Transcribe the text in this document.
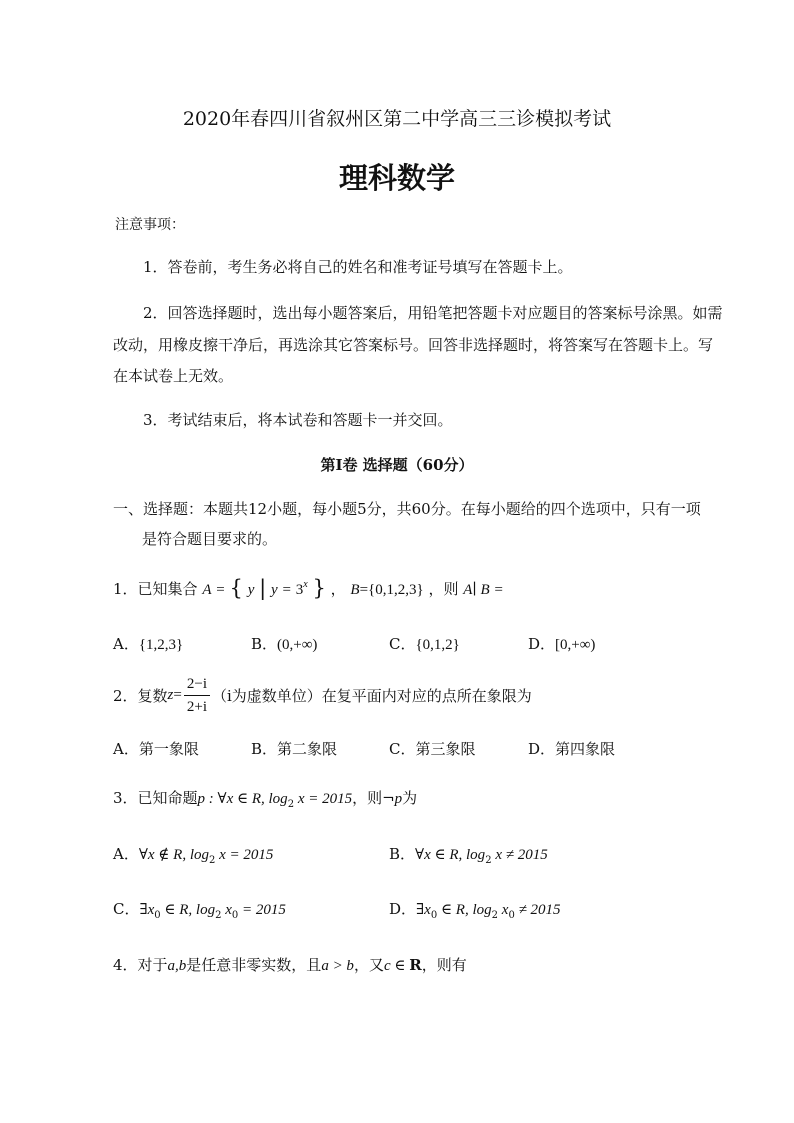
2020年春四川省叙州区第二中学高三三诊模拟考试
理科数学
注意事项：
1．答卷前，考生务必将自己的姓名和准考证号填写在答题卡上。
2．回答选择题时，选出每小题答案后，用铅笔把答题卡对应题目的答案标号涂黑。如需
改动，用橡皮擦干净后，再选涂其它答案标号。回答非选择题时，将答案写在答题卡上。写
在本试卷上无效。
3．考试结束后，将本试卷和答题卡一并交回。
第Ⅰ卷 选择题（60分）
一、选择题：本题共12小题，每小题5分，共60分。在每小题给的四个选项中，只有一项
是符合题目要求的。
1．已知集合 A = { y | $y = 3^x$ } ， B={0,1,2,3} ，则 A∣ B =
A．{1,2,3}	B．(0,+∞)	C．{0,1,2}	D．[0,+∞)
2．复数$z= \frac{2-i}{2+i} (i$为虚数单位）在复平面内对应的点所在象限为
A．第一象限	B．第二象限	C．第三象限	D．第四象限
3．已知命题p : ∀x ∈ R, $\log_2 x = 2015$，则¬p为
A．∀x ∉ R, $\log_2 x = 2015$	B．∀x ∈ R, $\log_2 x \ne 2015$
C．$\exists x_0$ ∈ R, $\log_2 x_0 = 2015$	D．$\exists x_0$ ∈ R, $\log_2 x_0 \ne 2015$
4．对于a,b是任意非零实数，且a > b，又c ∈ R，则有
